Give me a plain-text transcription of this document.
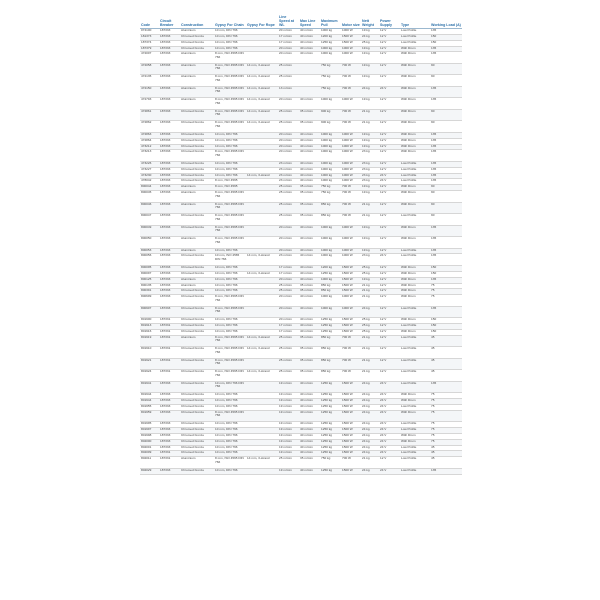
Code	Circuit Breaker	Construction	Gypsy For Chain	Gypsy For Rope	Line Speed at WL	Max Line Speed	Maximum Pull	Motor size	Nett Weight	Power Supply	Type	Working Load (A)
074100	187333	Aluminium	10 mm, DIN 766		20 m/min	40 m/min	1000 kg	1000 W	19 kg	12 V	Low Profile	135
181373	187333	Chromed bronze	10 mm, DIN 766		17 m/min	40 m/min	1200 kg	1500 W	24 kg	12 V	Low Profile	150
187374	187333	Chromed bronze	10 mm, DIN 766		17 m/min	40 m/min	1250 kg	1500 W	25 kg	12 V	Low Profile	150
187379	187333	Chromed bronze	10 mm, DIN 766		20 m/min	40 m/min	1000 kg	1000 W	19 kg	12 V	With Drum	135
472007	187333	Aluminium	8 mm, ISO 4565 DIN 766		20 m/min	40 m/min	1000 kg	1000 W	19 kg	12 V	With Drum	135
472058	187333	Aluminium	8 mm, ISO 4565 DIN 766	14 mm, 3-strand	25 m/min		750 kg	700 W	19 kg	12 V	With Drum	90
472135	187333	Aluminium	8 mm, ISO 4565 DIN 766	14 mm, 3-strand	25 m/min		750 kg	700 W	19 kg	12 V	With Drum	90
472150	187333	Aluminium	8 mm, ISO 4565 DIN 766	14 mm, 3-strand	13 m/min		750 kg	700 W	24 kg	24 V	With Drum	135
472793	187333	Aluminium	8 mm, ISO 4565 DIN 766	14 mm, 3-strand	20 m/min	40 m/min	1000 kg	1000 W	19 kg	12 V	With Drum	135
472861	187333	Chromed bronze	8 mm, ISO 4565 DIN 766	14 mm, 3-strand	25 m/min	35 m/min	900 kg	700 W	21 kg	12 V	With Drum	90
472862	187333	Chromed bronze	8 mm, ISO 4565 DIN 766	14 mm, 3-strand	25 m/min	35 m/min	900 kg	700 W	21 kg	12 V	With Drum	90
472863	187333	Chromed bronze	10 mm, DIN 766		20 m/min	40 m/min	1000 kg	1000 W	19 kg	12 V	With Drum	135
472864	187333	Chromed bronze	10 mm, DIN 766		20 m/min	40 m/min	1000 kg	1000 W	19 kg	12 V	With Drum	135
473212	187333	Chromed bronze	10 mm, DIN 766		20 m/min	40 m/min	1000 kg	1000 W	19 kg	12 V	With Drum	135
473213	187333	Chromed bronze	8 mm, ISO 4565 DIN 766		20 m/min	40 m/min	1000 kg	1000 W	23 kg	12 V	With Drum	135
473226	187333	Chromed bronze	10 mm, DIN 766		23 m/min	40 m/min	1000 kg	1000 W	23 kg	12 V	Low Profile	135
473227	187333	Chromed bronze	10 mm, DIN 766		23 m/min	40 m/min	1000 kg	1000 W	23 kg	12 V	Low Profile	135
473230	187333	Chromed bronze	10 mm, DIN 766	14 mm, 3-strand	23 m/min	40 m/min	1000 kg	1000 W	23 kg	24 V	Low Profile	135
478042	187333	Chromed bronze	8 mm, ISO 4565		23 m/min	40 m/min	1000 kg	1000 W	23 kg	24 V	Low Profile	135
800044	187333	Aluminium	8 mm, ISO 4565		25 m/min	35 m/min	750 kg	700 W	19 kg	12 V	With Drum	90
800045	187333	Aluminium	8 mm, ISO 4565 DIN 766		25 m/min	35 m/min	750 kg	700 W	19 kg	12 V	With Drum	90
800046	187333	Aluminium	8 mm, ISO 4565 DIN 766		25 m/min	35 m/min	850 kg	700 W	21 kg	12 V	With Drum	90
800047	187333	Chromed bronze	8 mm, ISO 4565 DIN 766		25 m/min	35 m/min	850 kg	700 W	21 kg	12 V	Low Profile	90
800049	187333	Chromed bronze	8 mm, ISO 4565 DIN 766		20 m/min	40 m/min	1000 kg	1000 W	19 kg	12 V	With Drum	135
800050	187333	Aluminium	8 mm, ISO 4565 DIN 766		20 m/min	40 m/min	1000 kg	1000 W	19 kg	12 V	With Drum	135
800053	187333	Aluminium	10 mm, DIN 766		20 m/min	40 m/min	1000 kg	1000 W	19 kg	12 V	Low Profile	135
800056	187333	Chromed bronze	10 mm, ISO 4565 DIN 766	14 mm, 3-strand	23 m/min	40 m/min	1000 kg	1000 W	23 kg	24 V	Low Profile	135
800095	187333	Chromed bronze	10 mm, DIN 766		17 m/min	40 m/min	1200 kg	1500 W	25 kg	12 V	With Drum	150
800097	187333	Chromed bronze	10 mm, DIN 766	14 mm, 3-strand	17 m/min	40 m/min	1250 kg	1500 W	25 kg	12 V	With Drum	150
800125	187333	Aluminium	10 mm, DIN 766		20 m/min	40 m/min	1000 kg	1500 W	19 kg	12 V	With Drum	135
800135	187333	Aluminium	10 mm, DIN 766		25 m/min	35 m/min	850 kg	1500 W	21 kg	12 V	With Drum	75
800391	187333	Chromed bronze	10 mm, DIN 766		25 m/min	35 m/min	850 kg	1500 W	21 kg	12 V	With Drum	75
800699	187333	Chromed bronze	8 mm, ISO 4565 DIN 766		20 m/min	40 m/min	1000 kg	1000 W	21 kg	12 V	With Drum	75
800907	187333	Chromed bronze	8 mm, ISO 4565 DIN 766		20 m/min	40 m/min	1000 kg	1000 W	24 kg	12 V	Low Profile	135
801900	187331	Chromed bronze	10 mm, DIN 766		20 m/min	40 m/min	1250 kg	1500 W	25 kg	12 V	With Drum	150
801913	187331	Chromed bronze	10 mm, DIN 766		17 m/min	40 m/min	1250 kg	1500 W	25 kg	12 V	Low Profile	150
801916	187331	Chromed bronze	10 mm, DIN 766		17 m/min	40 m/min	1250 kg	1500 W	25 kg	12 V	With Drum	150
801919	187331	Aluminium	8 mm, ISO 4565 DIN 766	14 mm, 3-strand	25 m/min	35 m/min	850 kg	700 W	21 kg	12 V	Low Profile	45
801910	187331	Chromed bronze	8 mm, ISO 4565 DIN 766	14 mm, 3-strand	25 m/min	35 m/min	850 kg	700 W	21 kg	12 V	Low Profile	45
801921	187331	Chromed bronze	8 mm, ISO 4565 DIN 766		25 m/min	35 m/min	850 kg	700 W	21 kg	12 V	Low Profile	45
801924	187331	Chromed bronze	8 mm, ISO 4565 DIN 766	14 mm, 3-strand	25 m/min	35 m/min	850 kg	700 W	21 kg	12 V	Low Profile	45
801941	187333	Chromed bronze	10 mm, DIN 766 DIN 766		19 m/min	40 m/min	1250 kg	1500 W	24 kg	24 V	Low Profile	135
801944	187333	Chromed bronze	10 mm, DIN 766		19 m/min	40 m/min	1250 kg	1500 W	24 kg	24 V	With Drum	75
801944	187333	Chromed bronze	10 mm, DIN 766		19 m/min	40 m/min	1250 kg	1500 W	24 kg	24 V	With Drum	75
801955	187333	Chromed bronze	10 mm, DIN 766		19 m/min	40 m/min	1250 kg	1500 W	24 kg	24 V	Low Profile	75
801959	187333	Chromed bronze	8 mm, ISO 4565 DIN 766		19 m/min	40 m/min	1250 kg	1500 W	24 kg	24 V	With Drum	75
801995	187333	Chromed bronze	10 mm, DIN 766		19 m/min	40 m/min	1250 kg	1500 W	24 kg	24 V	Low Profile	75
801997	187333	Chromed bronze	10 mm, DIN 766		19 m/min	40 m/min	1250 kg	1500 W	24 kg	24 V	Low Profile	75
801998	187333	Chromed bronze	10 mm, DIN 766		19 m/min	40 m/min	1250 kg	1500 W	24 kg	24 V	With Drum	75
802000	187333	Chromed bronze	10 mm, DIN 766		19 m/min	40 m/min	1250 kg	1500 W	24 kg	24 V	With Drum	75
802001	187333	Chromed bronze	10 mm, DIN 766		19 m/min	40 m/min	1250 kg	1500 W	24 kg	24 V	Low Profile	45
802009	187331	Chromed bronze	10 mm, DIN 766		19 m/min	40 m/min	1250 kg	1500 W	24 kg	24 V	Low Profile	45
802011	187331	Aluminium	8 mm, ISO 4565 DIN 766	14 mm, 3-strand	25 m/min	35 m/min	750 kg	700 W	21 kg	12 V	Low Profile	45
802029	187333	Chromed bronze	10 mm, DIN 766		19 m/min	40 m/min	1250 kg	1500 W	24 kg	24 V	Low Profile	135
